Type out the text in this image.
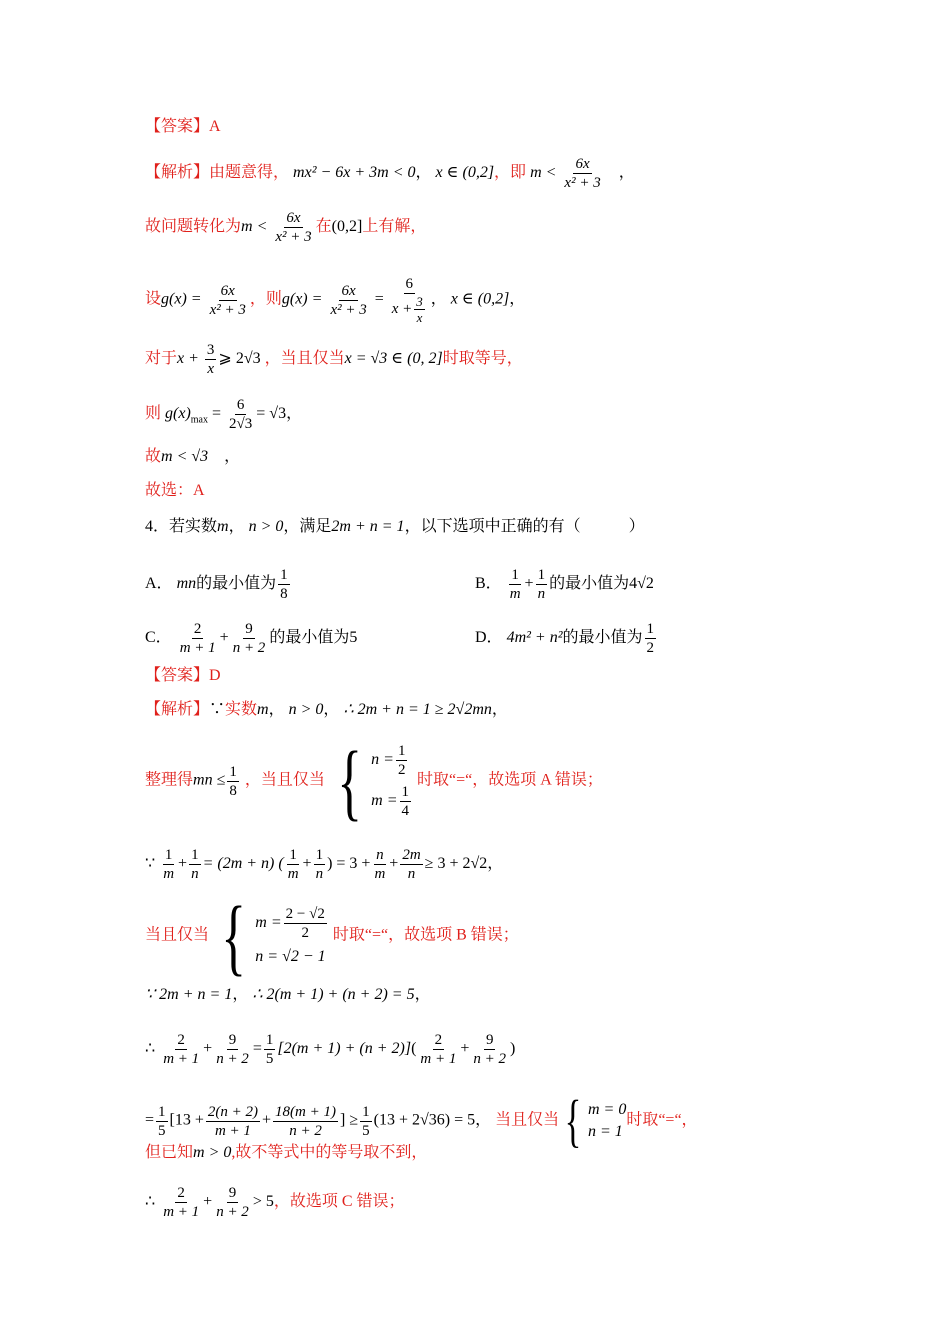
【答案】A
【解析】由题意得， mx² − 6x + 3m < 0， x ∈ (0,2]，即 $m < \frac{6x}{\text{x² + 3}}$ ，
故问题转化为$m < \frac{6x}{\text{x² + 3}}$ 在(0,2]上有解，
设$g(x) = \frac{6x}{\text{x² + 3}}$ ，则$g(x) = \frac{6x}{\text{x² + 3}} = \frac{6}{x + \frac{3}{x}}$ ， x ∈ (0,2]，
对于$x + \frac{3}{x}$ ⩾ 2√3 ，当且仅当x = √3 ∈ (0, 2]时取等号，
则 $g(x)_{max} = \frac{6}{2√3} = √3$，
故m < √3　，
故选：A
4．若实数m， n > 0，满足2m + n = 1，以下选项中正确的有（　　　）
A． mn的最小值为 $\frac{1}{8}$	B． $\frac{1}{m} + \frac{1}{n}$ 的最小值为4√2
C． $\frac{2}{m + 1} + \frac{9}{n + 2}$ 的最小值为5	D． 4m² + n²的最小值为 $\frac{1}{2}$
【答案】D
【解析】∵实数m， n > 0， ∴ 2m + n = 1 ≥ 2√2mn，
整理得mn ≤ $\frac{1}{8}$ ，当且仅当 { $n = \frac{1}{2}$
$m = \frac{1}{4}$
时取“=“，故选项 A 错误；
∵ $\frac{1}{m} + \frac{1}{n} = (2m + n)$ ( $\frac{1}{m} + \frac{1}{n}$ ) = $3 + \frac{n}{m} + \frac{2m}{n} \ge 3 + 2√2$，
当且仅当 { $m = \frac{2 - √2}{2}$
n = √2 − 1
时取“=“，故选项 B 错误；
∵ 2m + n = 1， ∴ 2(m + 1) + (n + 2) = 5，
∴ $\frac{2}{m + 1} + \frac{9}{n + 2} = \frac{1}{5} [2(m + 1) + (n + 2)]( \frac{2}{m + 1} + \frac{9}{n + 2}$ )
= $\frac{1}{5} [13 + \frac{2(n + 2)}{m + 1} + \frac{18(m + 1)}{n + 2}$ ] ≥ $\frac{1}{5} (13 + 2√36) = 5$， 当且仅当 { m = 0
n = 1
时取“=“，
但已知m > 0,故不等式中的等号取不到，
∴ $\frac{2}{m + 1} + \frac{9}{n + 2} > 5$，故选项 C 错误；
